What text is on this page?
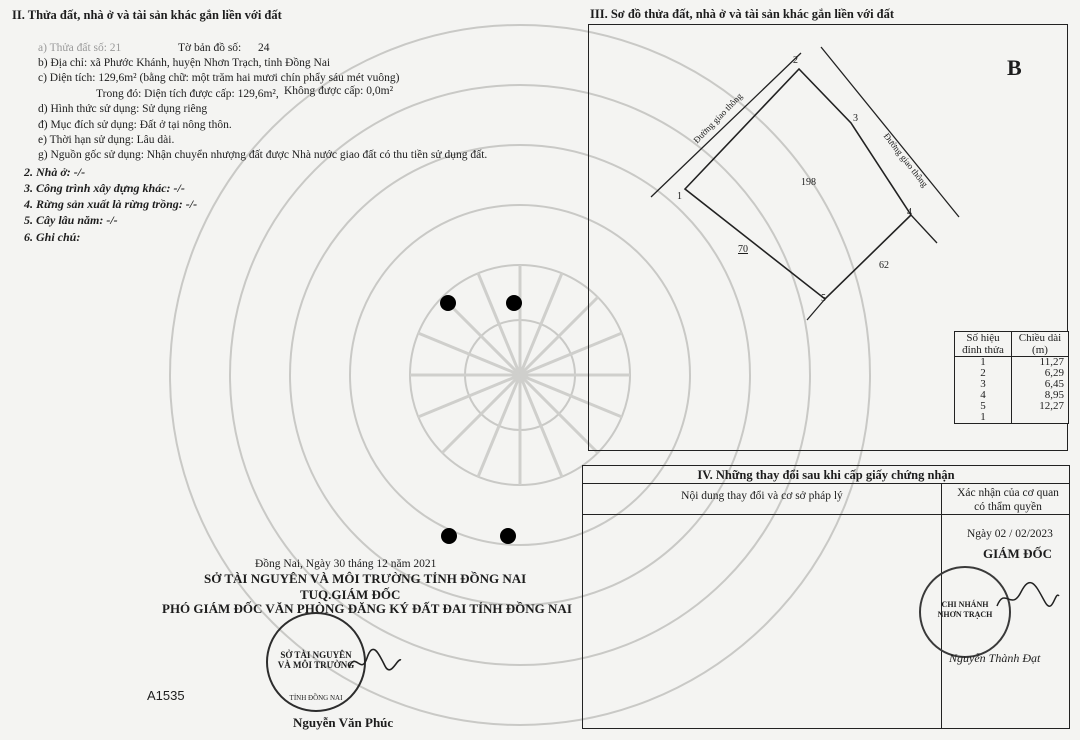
II. Thửa đất, nhà ở và tài sản khác gắn liền với đất
a) Thửa đất số: 21	Tờ bản đồ số: 24
b) Địa chỉ: xã Phước Khánh, huyện Nhơn Trạch, tỉnh Đồng Nai
c) Diện tích: 129,6m² (bằng chữ: một trăm hai mươi chín phẩy sáu mét vuông)
Trong đó: Diện tích được cấp: 129,6m², Không được cấp: 0,0m²
d) Hình thức sử dụng: Sử dụng riêng
đ) Mục đích sử dụng: Đất ở tại nông thôn.
e) Thời hạn sử dụng: Lâu dài.
g) Nguồn gốc sử dụng: Nhận chuyển nhượng đất được Nhà nước giao đất có thu tiền sử dụng đất.
2. Nhà ở: -/-
3. Công trình xây dựng khác: -/-
4. Rừng sản xuất là rừng trồng: -/-
5. Cây lâu năm: -/-
6. Ghi chú:
Đồng Nai, Ngày 30 tháng 12 năm 2021
SỞ TÀI NGUYÊN VÀ MÔI TRƯỜNG TỈNH ĐỒNG NAI
TUQ.GIÁM ĐỐC
PHÓ GIÁM ĐỐC VĂN PHÒNG ĐĂNG KÝ ĐẤT ĐAI TỈNH ĐỒNG NAI
SỞ TÀI NGUYÊN VÀ MÔI TRƯỜNG
TỈNH ĐỒNG NAI
A1535
Nguyễn Văn Phúc
III. Sơ đồ thửa đất, nhà ở và tài sản khác gắn liền với đất
Đường giao thông
Đường giao thông
198
70
62
1
2
3
4
5
B
Số hiệu đỉnh thửa	Chiều dài (m)
1	11,27
2	6,29
3	6,45
4	8,95
5	12,27
1	
IV. Những thay đổi sau khi cấp giấy chứng nhận
Nội dung thay đổi và cơ sở pháp lý	Xác nhận của cơ quan có thẩm quyền
Ngày 02 / 02/2023
GIÁM ĐỐC
CHI NHÁNH NHƠN TRẠCH
Nguyễn Thành Đạt
